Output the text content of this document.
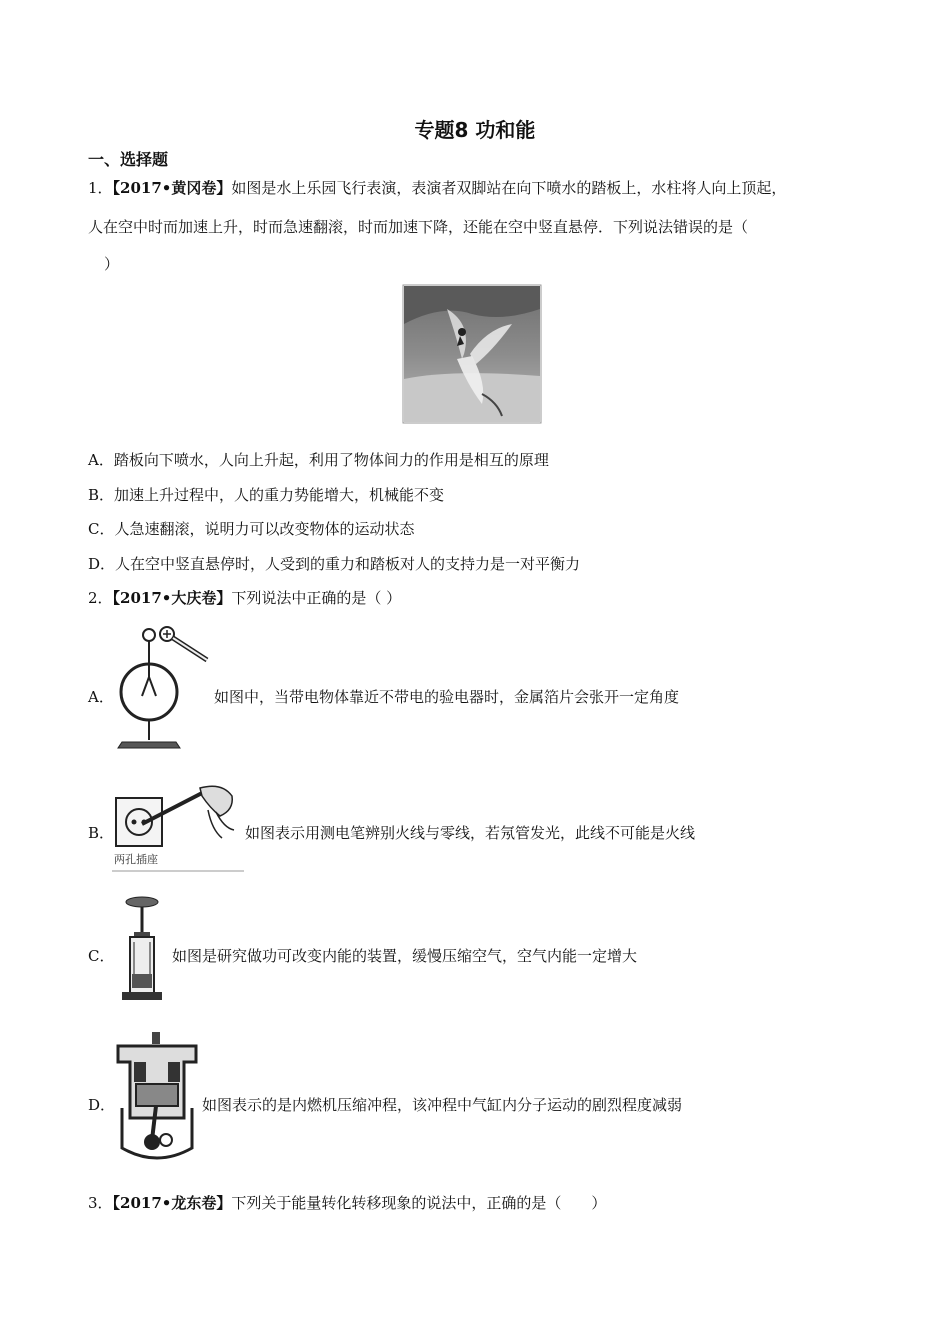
专题8 功和能
一、选择题
1．【2017•黄冈卷】如图是水上乐园飞行表演，表演者双脚站在向下喷水的踏板上，水柱将人向上顶起，
人在空中时而加速上升，时而急速翻滚，时而加速下降，还能在空中竖直悬停．下列说法错误的是（
）
A．踏板向下喷水，人向上升起，利用了物体间力的作用是相互的原理
B．加速上升过程中，人的重力势能增大，机械能不变
C．人急速翻滚，说明力可以改变物体的运动状态
D．人在空中竖直悬停时，人受到的重力和踏板对人的支持力是一对平衡力
2．【2017•大庆卷】下列说法中正确的是（ ）
A．	如图中，当带电物体靠近不带电的验电器时，金属箔片会张开一定角度
B．
两孔插座
如图表示用测电笔辨别火线与零线，若氖管发光，此线不可能是火线
C．	如图是研究做功可改变内能的装置，缓慢压缩空气，空气内能一定增大
D．	如图表示的是内燃机压缩冲程，该冲程中气缸内分子运动的剧烈程度减弱
3．【2017•龙东卷】下列关于能量转化转移现象的说法中，正确的是（　　）
